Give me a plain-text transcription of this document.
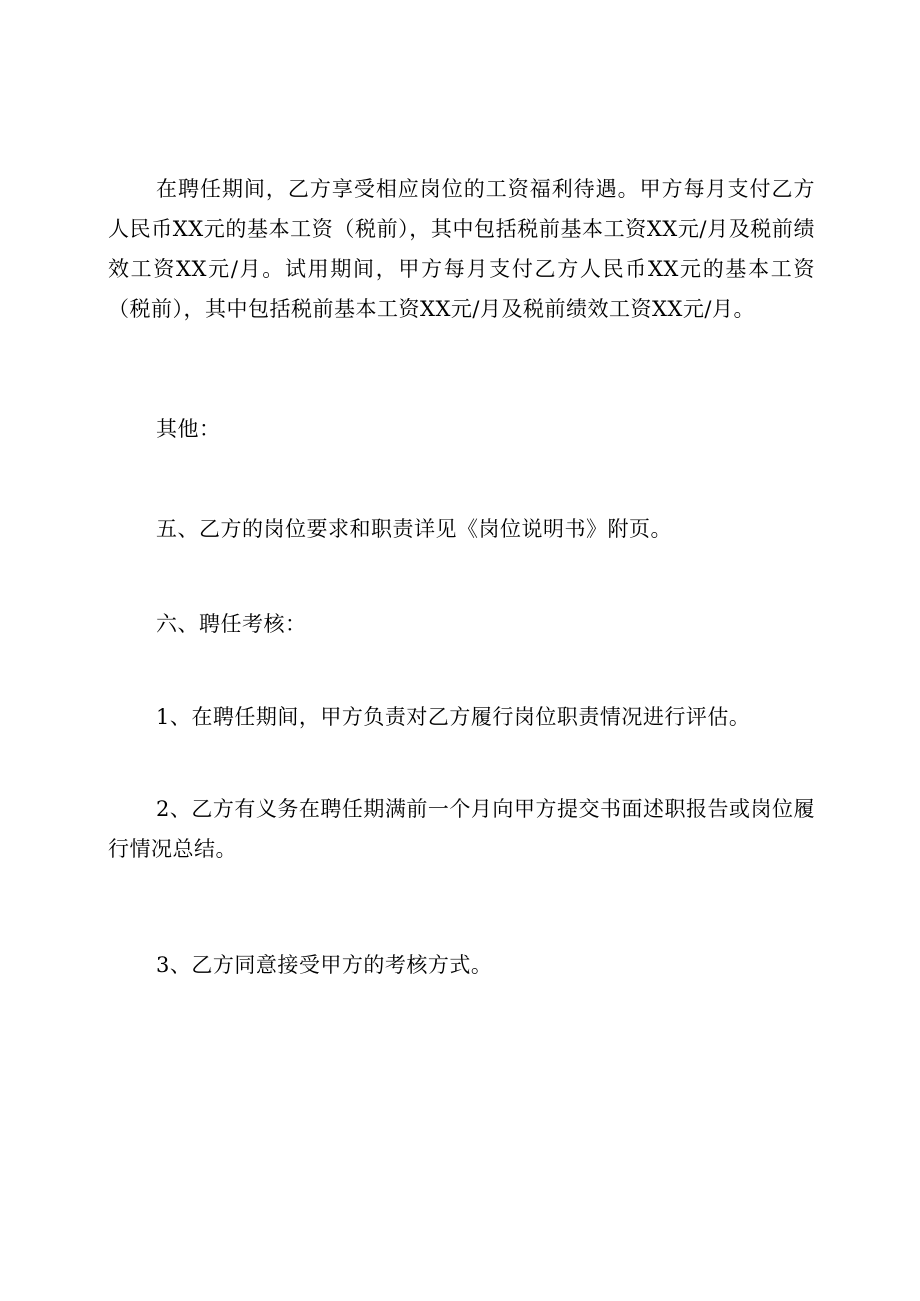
在聘任期间，乙方享受相应岗位的工资福利待遇。甲方每月支付乙方人民币XX元的基本工资（税前），其中包括税前基本工资XX元/月及税前绩效工资XX元/月。试用期间，甲方每月支付乙方人民币XX元的基本工资（税前），其中包括税前基本工资XX元/月及税前绩效工资XX元/月。

其他：

五、乙方的岗位要求和职责详见《岗位说明书》附页。

六、聘任考核：

1、在聘任期间，甲方负责对乙方履行岗位职责情况进行评估。

2、乙方有义务在聘任期满前一个月向甲方提交书面述职报告或岗位履行情况总结。

3、乙方同意接受甲方的考核方式。
